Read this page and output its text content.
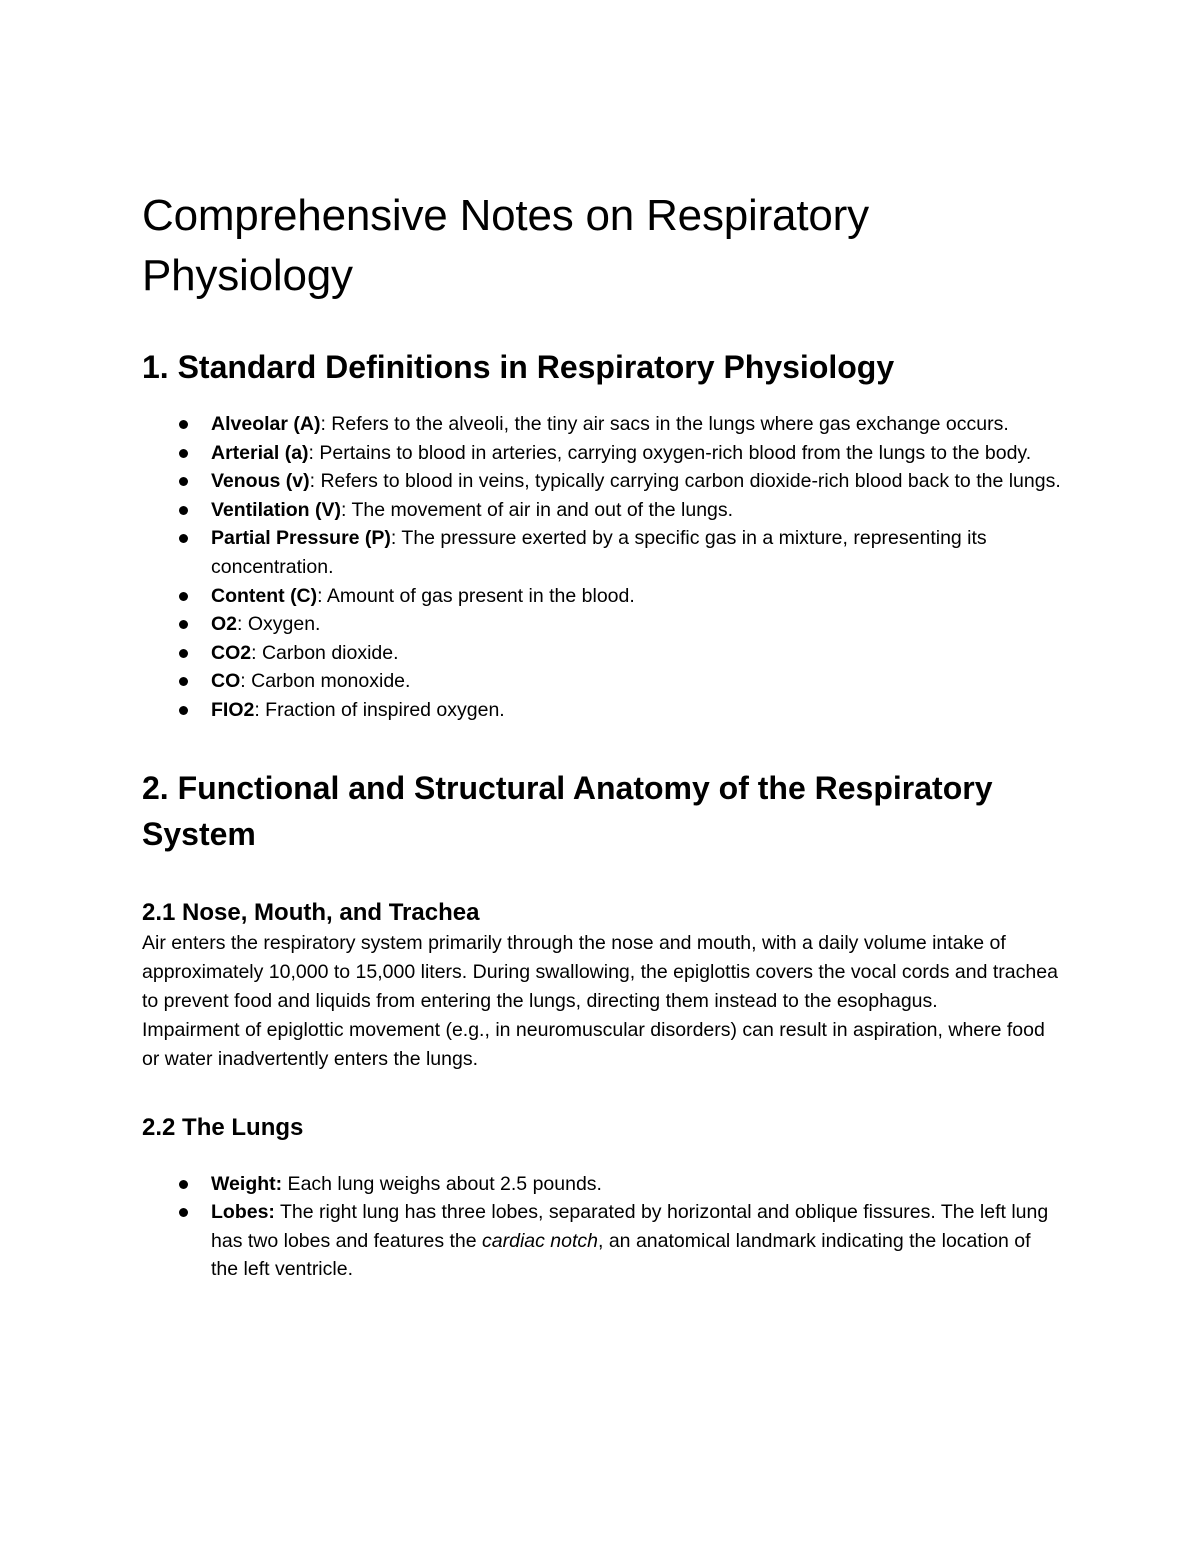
Comprehensive Notes on Respiratory Physiology
1. Standard Definitions in Respiratory Physiology
Alveolar (A): Refers to the alveoli, the tiny air sacs in the lungs where gas exchange occurs.
Arterial (a): Pertains to blood in arteries, carrying oxygen-rich blood from the lungs to the body.
Venous (v): Refers to blood in veins, typically carrying carbon dioxide-rich blood back to the lungs.
Ventilation (V): The movement of air in and out of the lungs.
Partial Pressure (P): The pressure exerted by a specific gas in a mixture, representing its concentration.
Content (C): Amount of gas present in the blood.
O2: Oxygen.
CO2: Carbon dioxide.
CO: Carbon monoxide.
FIO2: Fraction of inspired oxygen.
2. Functional and Structural Anatomy of the Respiratory System
2.1 Nose, Mouth, and Trachea

Air enters the respiratory system primarily through the nose and mouth, with a daily volume intake of approximately 10,000 to 15,000 liters. During swallowing, the epiglottis covers the vocal cords and trachea to prevent food and liquids from entering the lungs, directing them instead to the esophagus.

Impairment of epiglottic movement (e.g., in neuromuscular disorders) can result in aspiration, where food or water inadvertently enters the lungs.

2.2 The Lungs
Weight: Each lung weighs about 2.5 pounds.
Lobes: The right lung has three lobes, separated by horizontal and oblique fissures. The left lung has two lobes and features the cardiac notch, an anatomical landmark indicating the location of the left ventricle.
